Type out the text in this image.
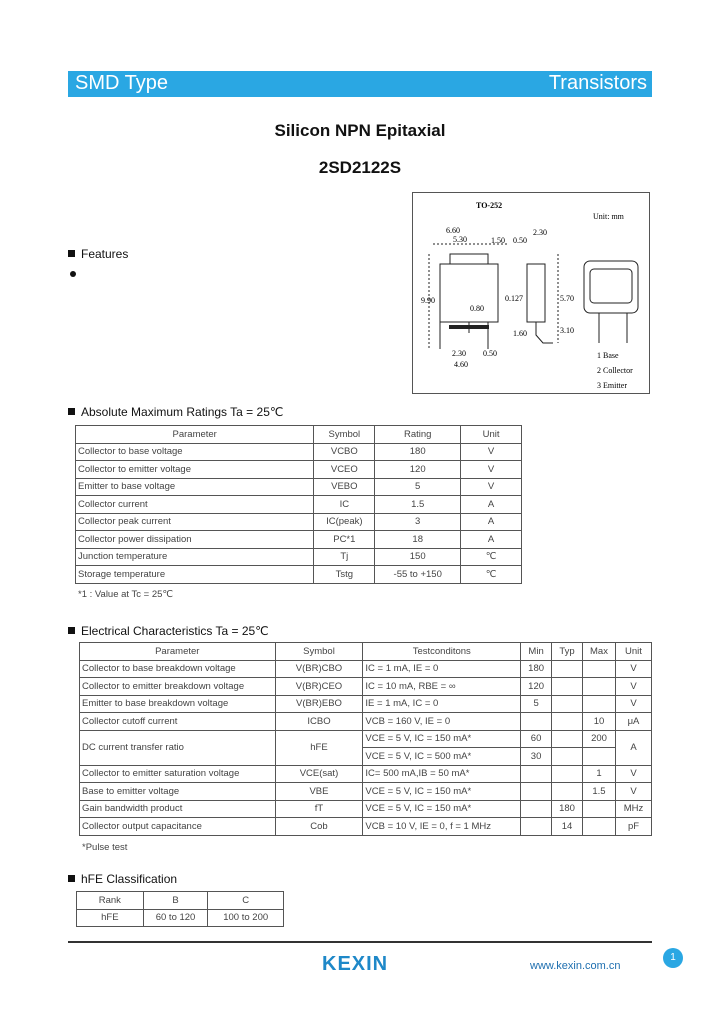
SMD Type	Transistors
Silicon NPN Epitaxial
2SD2122S
Features
TO-252
Unit: mm
6.60
5.30	1.50 0.50
2.30
9.90	0.127
0.80
2.30
4.60
0.50
1.60
5.70
3.10
1 Base
2 Collector
3 Emitter
Absolute Maximum Ratings Ta = 25℃
Parameter	Symbol	Rating	Unit
Collector to base voltage	VCBO	180	V
Collector to emitter voltage	VCEO	120	V
Emitter to base voltage	VEBO	5	V
Collector current	IC	1.5	A
Collector peak current	IC(peak)	3	A
Collector power dissipation	PC*1	18	A
Junction temperature	Tj	150	℃
Storage temperature	Tstg	-55 to +150	℃
*1 : Value at Tc = 25℃
Electrical Characteristics Ta = 25℃
Parameter	Symbol	Testconditons	Min	Typ	Max	Unit
Collector to base breakdown voltage	V(BR)CBO	IC = 1 mA, IE = 0	180			V
Collector to emitter breakdown voltage	V(BR)CEO	IC = 10 mA, RBE = ∞	120			V
Emitter to base breakdown voltage	V(BR)EBO	IE = 1 mA, IC = 0	5			V
Collector cutoff current	ICBO	VCB = 160 V, IE = 0			10	μA
DC current transfer ratio	hFE	VCE = 5 V, IC = 150 mA*	60		200	A
		VCE = 5 V, IC = 500 mA*	30			
Collector to emitter saturation voltage	VCE(sat)	IC= 500 mA,IB = 50 mA*			1	V
Base to emitter voltage	VBE	VCE = 5 V, IC = 150 mA*			1.5	V
Gain bandwidth product	fT	VCE = 5 V, IC = 150 mA*		180		MHz
Collector output capacitance	Cob	VCB = 10 V, IE = 0, f = 1 MHz		14		pF
*Pulse test
hFE Classification
Rank	B	C
hFE	60 to 120	100 to 200
KEXIN	www.kexin.com.cn
1
